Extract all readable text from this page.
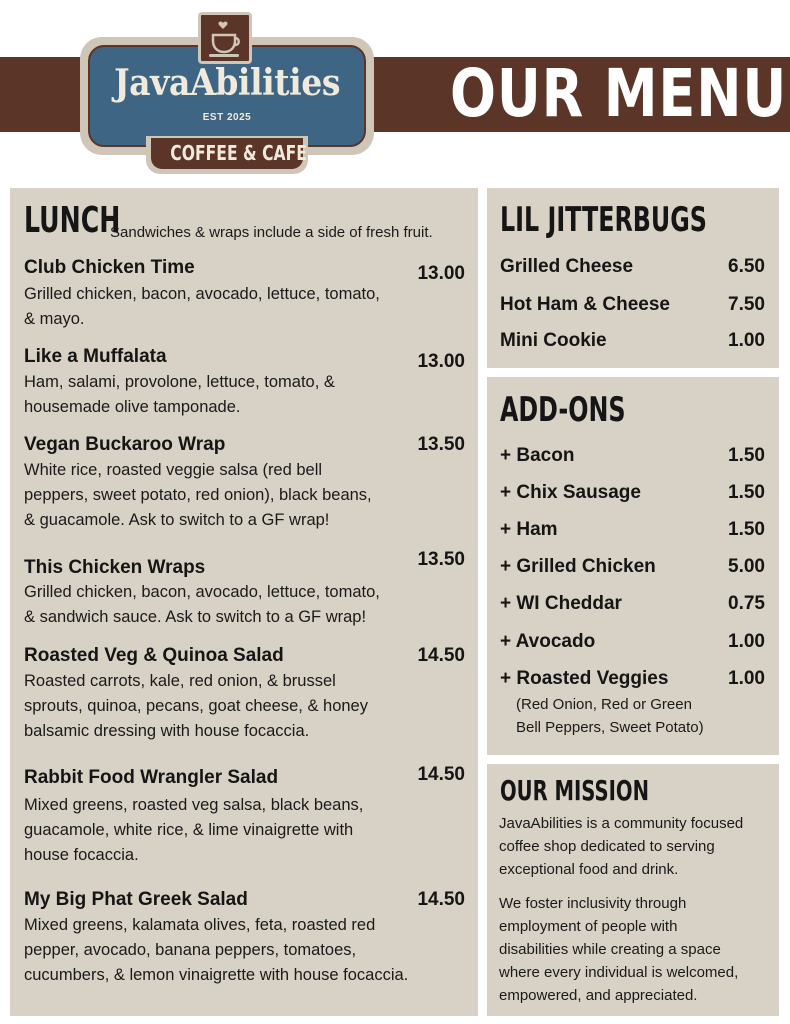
OUR MENU
JavaAbilities
EST 2025
COFFEE & CAFE
LUNCH
Sandwiches & wraps include a side of fresh fruit.
Club Chicken Time	13.00
Grilled chicken, bacon, avocado, lettuce, tomato,
& mayo.
Like a Muffalata	13.00
Ham, salami, provolone, lettuce, tomato, &
housemade olive tamponade.
Vegan Buckaroo Wrap	13.50
White rice, roasted veggie salsa (red bell
peppers, sweet potato, red onion), black beans,
& guacamole. Ask to switch to a GF wrap!
This Chicken Wraps	13.50
Grilled chicken, bacon, avocado, lettuce, tomato,
& sandwich sauce. Ask to switch to a GF wrap!
Roasted Veg & Quinoa Salad	14.50
Roasted carrots, kale, red onion, & brussel
sprouts, quinoa, pecans, goat cheese, & honey
balsamic dressing with house focaccia.
Rabbit Food Wrangler Salad	14.50
Mixed greens, roasted veg salsa, black beans,
guacamole, white rice, & lime vinaigrette with
house focaccia.
My Big Phat Greek Salad	14.50
Mixed greens, kalamata olives, feta, roasted red
pepper, avocado, banana peppers, tomatoes,
cucumbers, & lemon vinaigrette with house focaccia.
LIL JITTERBUGS
Grilled Cheese	6.50
Hot Ham & Cheese	7.50
Mini Cookie	1.00
ADD-ONS
+ Bacon	1.50
+ Chix Sausage	1.50
+ Ham	1.50
+ Grilled Chicken	5.00
+ WI Cheddar	0.75
+ Avocado	1.00
+ Roasted Veggies	1.00
(Red Onion, Red or Green
Bell Peppers, Sweet Potato)
OUR MISSION
JavaAbilities is a community focused
coffee shop dedicated to serving
exceptional food and drink.
We foster inclusivity through
employment of people with
disabilities while creating a space
where every individual is welcomed,
empowered, and appreciated.
